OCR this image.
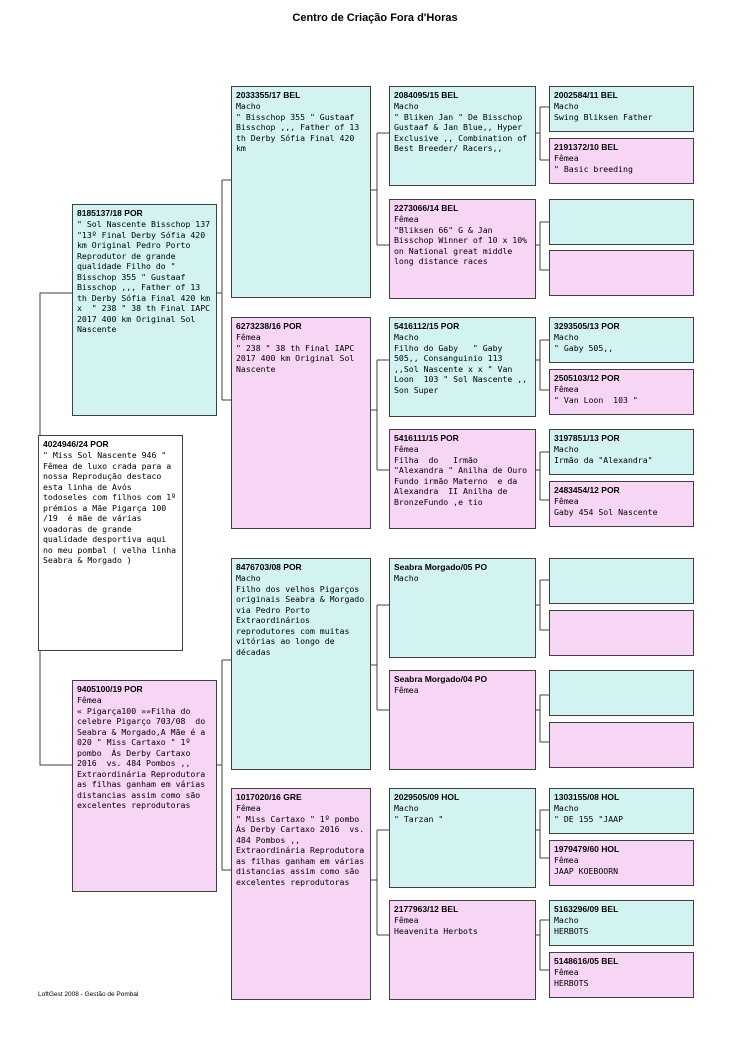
Centro de Criação Fora d'Horas
4024946/24 POR
" Miss Sol Nascente 946 " Fêmea de luxo crada para a nossa Reprodução destaco esta linha de Avós todoseles com filhos com 1º prémios a Mãe Pigarça 100 /19  é mãe de várias voadoras de grande qualidade desportiva aqui no meu pombal ( velha linha Seabra & Morgado )
8185137/18 POR
" Sol Nascente Bisschop 137 "13º Final Derby Sófia 420 km Original Pedro Porto Reprodutor de grande qualidade Filho do " Bisschop 355 " Gustaaf Bisschop ,,, Father of 13 th Derby Sófia Final 420 km x  " 238 " 38 th Final IAPC 2017 400 km Original Sol Nascente
9405100/19 POR
Fêmea
« Pigarça100 »»Filha do celebre Pigarço 703/08  do Seabra & Morgado,A Mãe é a 020 " Miss Cartaxo " 1º pombo  Ás Derby Cartaxo 2016  vs. 484 Pombos ,, Extraordinária Reprodutora as filhas ganham em várias distancias assim como são excelentes reprodutoras
2033355/17 BEL
Macho
" Bisschop 355 " Gustaaf Bisschop ,,, Father of 13 th Derby Sófia Final 420 km
6273238/16 POR
Fêmea
" 238 " 38 th Final IAPC 2017 400 km Original Sol Nascente
8476703/08 POR
Macho
Filho dos velhos Pigarços originais Seabra & Morgado via Pedro Porto Extraordinários reprodutores com muitas vitórias ao longo de décadas
1017020/16 GRE
Fêmea
" Miss Cartaxo " 1º pombo  Ás Derby Cartaxo 2016  vs. 484 Pombos ,, Extraordinária Reprodutora as filhas ganham em várias distancias assim como são excelentes reprodutoras
2084095/15 BEL
Macho
" Bliken Jan " De Bisschop  Gustaaf & Jan Blue,, Hyper Exclusive ,, Combination of Best Breeder/ Racers,,
2273066/14 BEL
Fêmea
"Bliksen 66" G & Jan Bisschop Winner of 10 x 10% on National great middle long distance races
5416112/15 POR
Macho
Filho do Gaby   " Gaby 505,, Consanguinio 113 ,,Sol Nascente x x " Van Loon  103 " Sol Nascente ,, Son Super
5416111/15 POR
Fêmea
Filha  do   Irmão "Alexandra " Anilha de Ouro Fundo irmão Materno  e da Alexandra  II Anilha de BronzeFundo ,e tio
Seabra Morgado/05 PO
Macho
Seabra Morgado/04 PO
Fêmea
2029505/09 HOL
Macho
" Tarzan "
2177963/12 BEL
Fêmea
Heavenita Herbots
2002584/11 BEL
Macho
Swing Bliksen Father
2191372/10 BEL
Fêmea
" Basic breeding
3293505/13 POR
Macho
" Gaby 505,,
2505103/12 POR
Fêmea
" Van Loon  103 "
3197851/13 POR
Macho
Irmão da "Alexandra"
2483454/12 POR
Fêmea
Gaby 454 Sol Nascente
1303155/08 HOL
Macho
" DE 155 "JAAP
1979479/60 HOL
Fêmea
JAAP KOEBOORN
5163296/09 BEL
Macho
HERBOTS
5148616/05 BEL
Fêmea
HERBOTS
LoftGest 2008 - Gestão de Pombal
